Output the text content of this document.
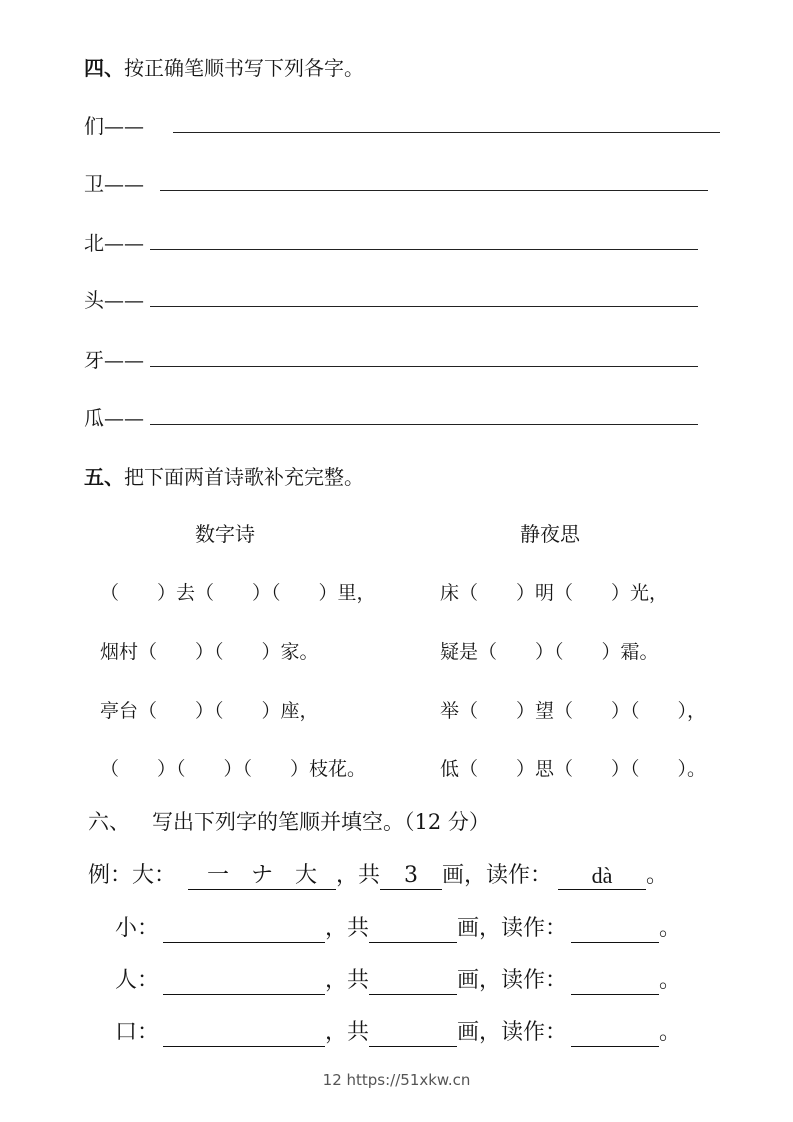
四、按正确笔顺书写下列各字。
们——
卫——
北——
头——
牙——
瓜——
五、把下面两首诗歌补充完整。
数字诗	静夜思
（　　）去（　　）（　　）里，
烟村（　　）（　　）家。
亭台（　　）（　　）座，
（　　）（　　）（　　）枝花。
床（　　）明（　　）光，
疑是（　　）（　　）霜。
举（　　）望（　　）（　　），
低（　　）思（　　）（　　）。
六、 写出下列字的笔顺并填空。（12 分）
例：大：	一　ナ　大 ，共	3	画，读作：	dà	。
小：	，共	画，读作：	。
人：	，共	画，读作：	。
口：	，共	画，读作：	。
12 https://51xkw.cn
